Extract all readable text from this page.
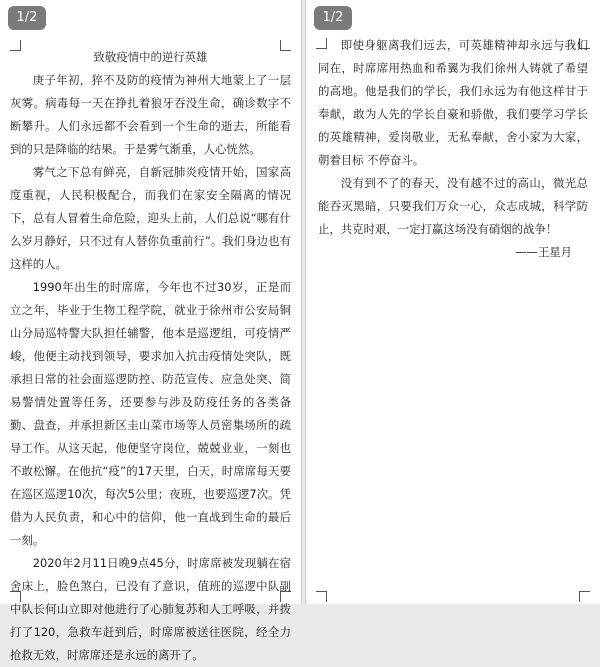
1/2

致敬疫情中的逆行英雄

庚子年初，猝不及防的疫情为神州大地蒙上了一层灰雾。病毒每一天在挣扎着狼牙吞没生命，确诊数字不断攀升。人们永远都不会看到一个生命的逝去，所能看到的只是降临的结果。于是雾气渐重，人心恍然。

雾气之下总有鲜亮，自新冠肺炎疫情开始，国家高度重视，人民积极配合，而我们在家安全隔离的情况下，总有人冒着生命危险，迎头上前，人们总说“哪有什么岁月静好，只不过有人替你负重前行”。我们身边也有这样的人。

1990年出生的时席席，今年也不过30岁，正是而立之年，毕业于生物工程学院，就业于徐州市公安局铜山分局巡特警大队担任辅警，他本是巡逻组，可疫情严峻，他便主动找到领导，要求加入抗击疫情处突队，既承担日常的社会面巡逻防控、防范宣传、应急处突、简易警情处置等任务，还要参与涉及防疫任务的各类备勤、盘查，并承担新区圭山菜市场等人员密集场所的疏导工作。从这天起，他便坚守岗位，兢兢业业，一刻也不敢松懈。在他抗“疫”的17天里，白天，时席席每天要在巡区巡逻10次，每次5公里；夜班，也要巡逻7次。凭借为人民负责，和心中的信仰，他一直战到生命的最后一刻。

2020年2月11日晚9点45分，时席席被发现躺在宿舍床上，脸色煞白，已没有了意识，值班的巡逻中队副中队长何山立即对他进行了心肺复苏和人工呼吸，并拨打了120，急救车赶到后，时席席被送往医院，经全力抢救无效，时席席还是永远的离开了。

1/2

即使身躯离我们远去，可英雄精神却永远与我们同在，时席席用热血和希翼为我们徐州人铸就了希望的高地。他是我们的学长，我们永远为有他这样甘于奉献，敢为人先的学长自豪和骄傲，我们要学习学长的英雄精神，爱岗敬业，无私奉献，舍小家为大家，朝着目标 不停奋斗。

没有到不了的春天，没有越不过的高山，微光总能吞灭黑暗，只要我们万众一心，众志成城，科学防止，共克时艰，一定打赢这场没有硝烟的战争！

——王星月
